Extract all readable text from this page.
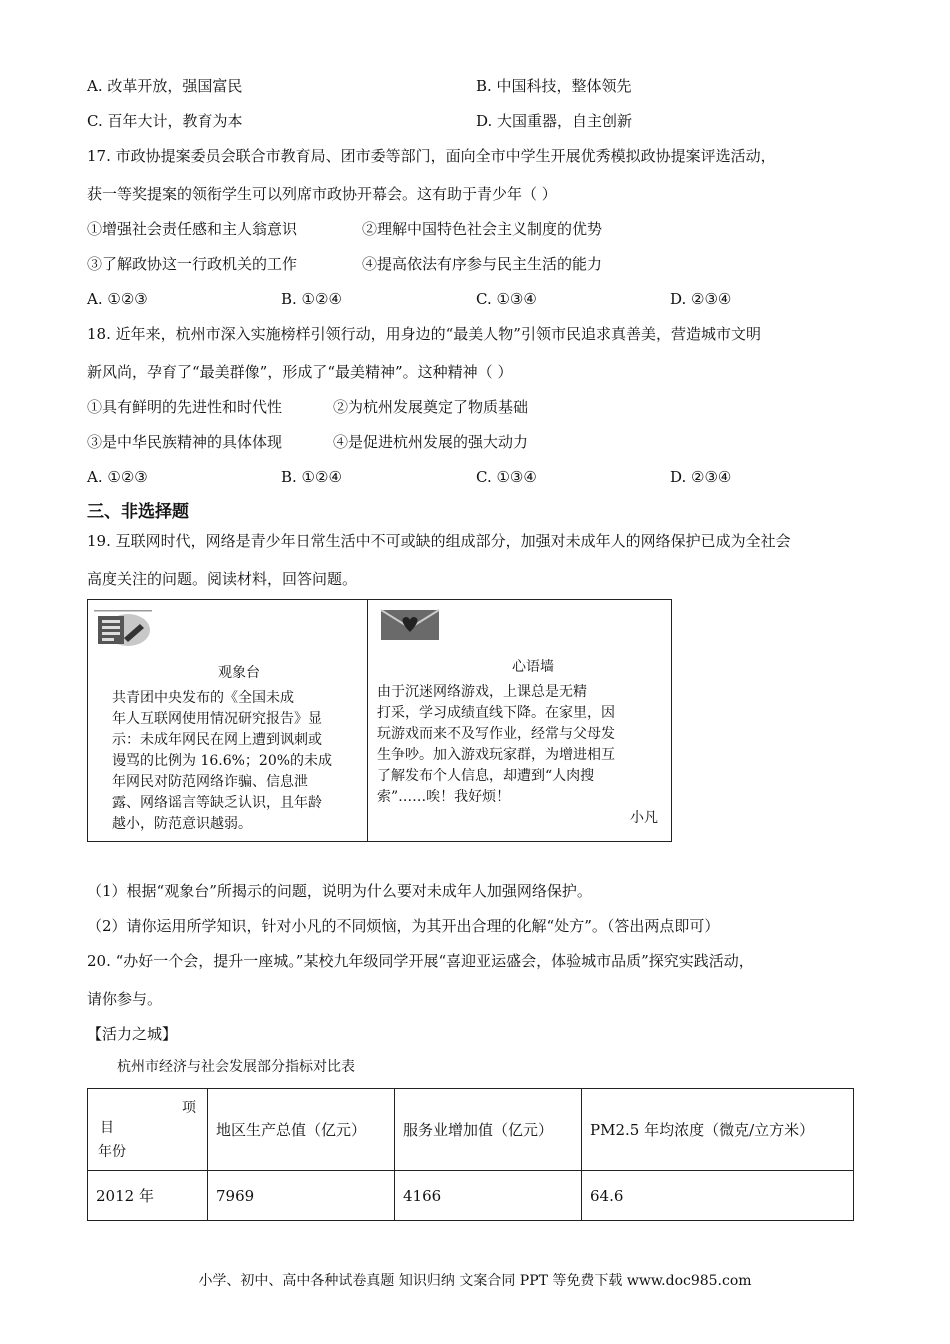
A. 改革开放，强国富民	B. 中国科技，整体领先
C. 百年大计，教育为本	D. 大国重器，自主创新
17. 市政协提案委员会联合市教育局、团市委等部门，面向全市中学生开展优秀模拟政协提案评选活动，
获一等奖提案的领衔学生可以列席市政协开幕会。这有助于青少年（ ）
①增强社会责任感和主人翁意识	②理解中国特色社会主义制度的优势
③了解政协这一行政机关的工作	④提高依法有序参与民主生活的能力
A. ①②③	B. ①②④	C. ①③④	D. ②③④
18. 近年来，杭州市深入实施榜样引领行动，用身边的“最美人物”引领市民追求真善美，营造城市文明
新风尚，孕育了“最美群像”，形成了“最美精神”。这种精神（ ）
①具有鲜明的先进性和时代性	②为杭州发展奠定了物质基础
③是中华民族精神的具体体现	④是促进杭州发展的强大动力
A. ①②③	B. ①②④	C. ①③④	D. ②③④
三、非选择题
19. 互联网时代，网络是青少年日常生活中不可或缺的组成部分，加强对未成年人的网络保护已成为全社会
高度关注的问题。阅读材料，回答问题。
观象台
共青团中央发布的《全国未成
年人互联网使用情况研究报告》显
示：未成年网民在网上遭到讽刺或
谩骂的比例为 16.6%；20%的未成
年网民对防范网络诈骗、信息泄
露、网络谣言等缺乏认识，且年龄
越小，防范意识越弱。
心语墙
由于沉迷网络游戏，上课总是无精
打采，学习成绩直线下降。在家里，因
玩游戏而来不及写作业，经常与父母发
生争吵。加入游戏玩家群，为增进相互
了解发布个人信息，却遭到“人肉搜
索”……唉！我好烦！
小凡
（1）根据“观象台”所揭示的问题，说明为什么要对未成年人加强网络保护。
（2）请你运用所学知识，针对小凡的不同烦恼，为其开出合理的化解“处方”。（答出两点即可）
20. “办好一个会，提升一座城。”某校九年级同学开展“喜迎亚运盛会，体验城市品质”探究实践活动，
请你参与。
【活力之城】
杭州市经济与社会发展部分指标对比表
项
目
年份	地区生产总值（亿元）	服务业增加值（亿元）	PM2.5 年均浓度（微克/立方米）
2012 年	7969	4166	64.6
小学、初中、高中各种试卷真题 知识归纳 文案合同 PPT 等免费下载 www.doc985.com
